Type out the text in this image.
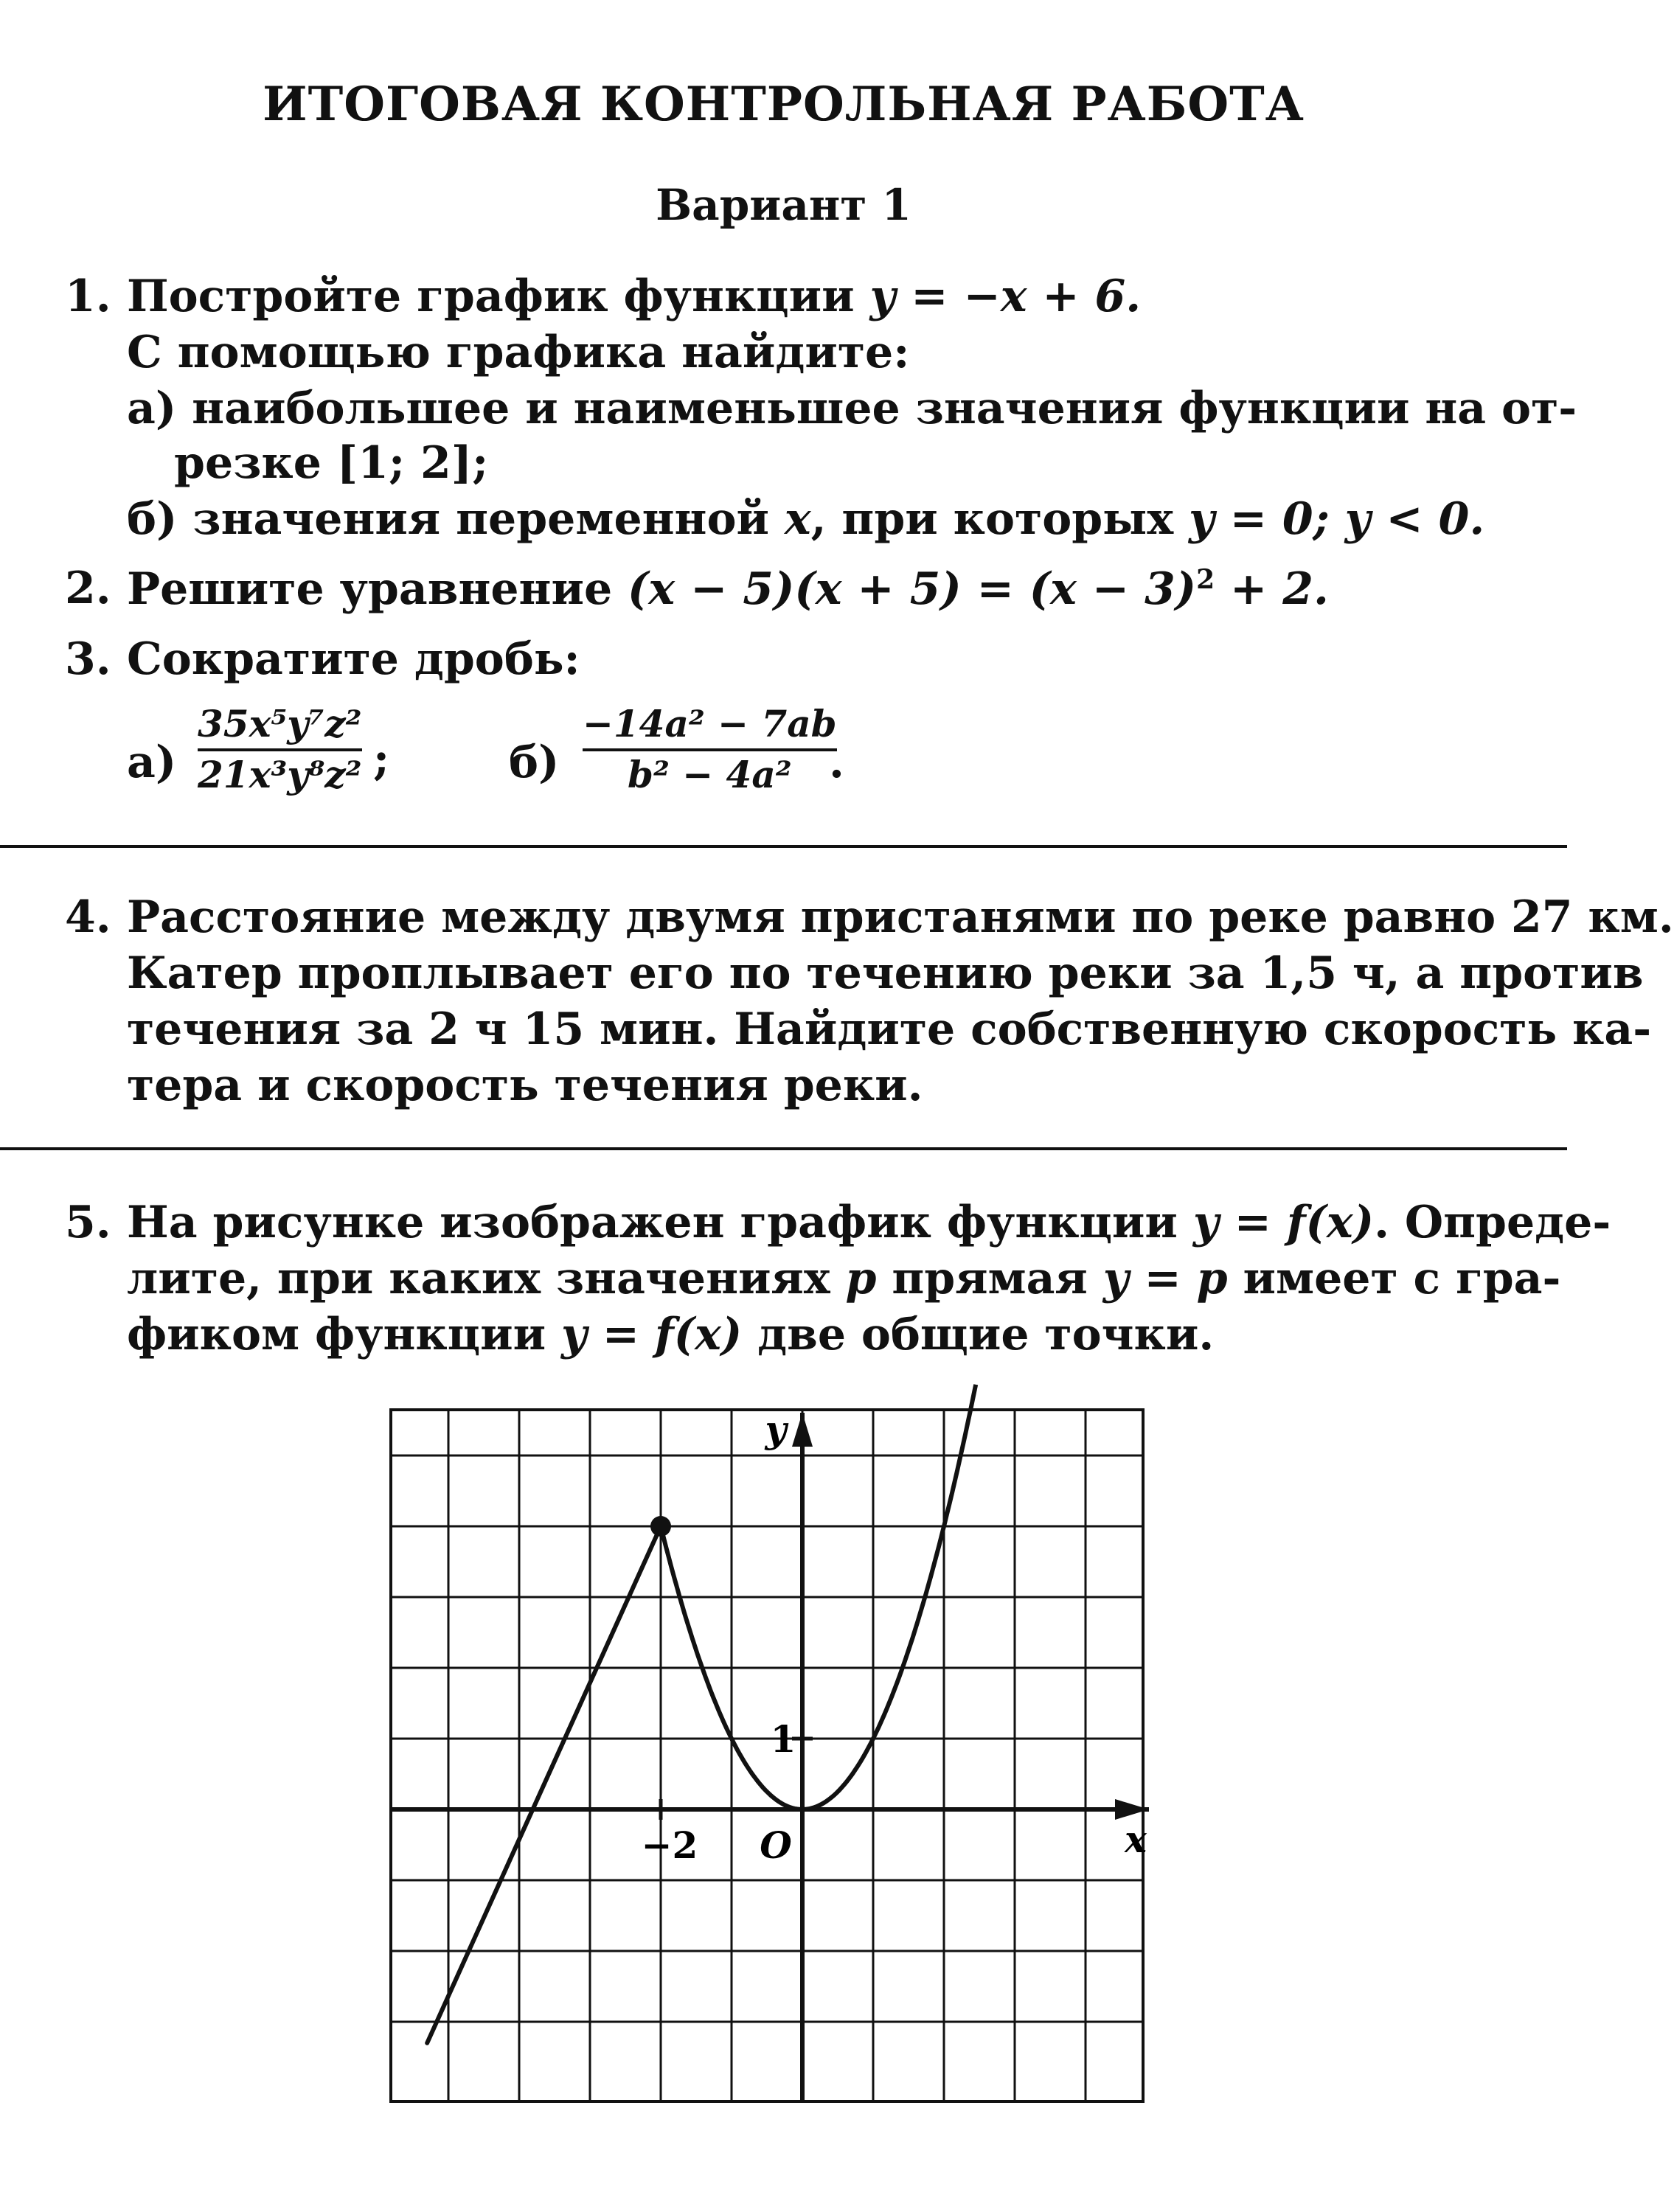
ИТОГОВАЯ КОНТРОЛЬНАЯ РАБОТА
Вариант 1
1. Постройте график функции y = −x + 6.
С помощью графика найдите:
а) наибольшее и наименьшее значения функции на от-
резке [1; 2];
б) значения переменной x, при которых y = 0; y < 0.
2. Решите уравнение $(x - 5)(x + 5) = (x - 3)^2 + 2$.
3. Сократите дробь:
а)
35x⁵y⁷z²
21x³y⁸z² ;	б)
−14a² − 7ab
b² − 4a² .
4. Расстояние между двумя пристанями по реке равно 27 км.
Катер проплывает его по течению реки за 1,5 ч, а против
течения за 2 ч 15 мин. Найдите собственную скорость ка-
тера и скорость течения реки.
5. На рисунке изображен график функции y = f(x). Опреде-
лите, при каких значениях p прямая y = p имеет с гра-
фиком функции y = f(x) две общие точки.
x
y
O
−2
1
